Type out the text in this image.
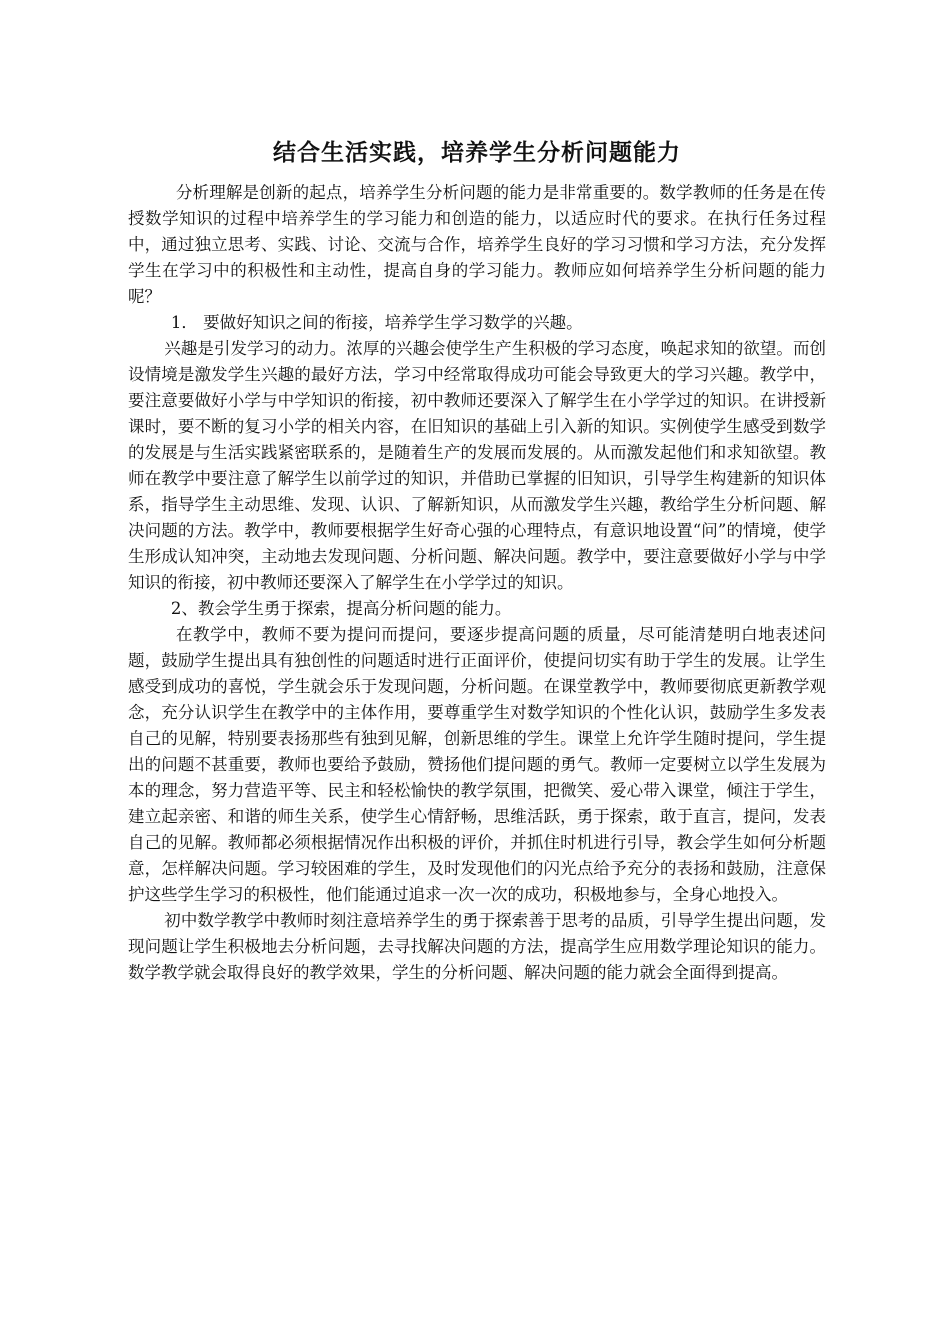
结合生活实践，培养学生分析问题能力

分析理解是创新的起点，培养学生分析问题的能力是非常重要的。数学教师的任务是在传授数学知识的过程中培养学生的学习能力和创造的能力，以适应时代的要求。在执行任务过程中，通过独立思考、实践、讨论、交流与合作，培养学生良好的学习习惯和学习方法，充分发挥学生在学习中的积极性和主动性，提高自身的学习能力。教师应如何培养学生分析问题的能力呢？

1． 要做好知识之间的衔接，培养学生学习数学的兴趣。

兴趣是引发学习的动力。浓厚的兴趣会使学生产生积极的学习态度，唤起求知的欲望。而创设情境是激发学生兴趣的最好方法，学习中经常取得成功可能会导致更大的学习兴趣。教学中，要注意要做好小学与中学知识的衔接，初中教师还要深入了解学生在小学学过的知识。在讲授新课时，要不断的复习小学的相关内容，在旧知识的基础上引入新的知识。实例使学生感受到数学的发展是与生活实践紧密联系的，是随着生产的发展而发展的。从而激发起他们和求知欲望。教师在教学中要注意了解学生以前学过的知识，并借助已掌握的旧知识，引导学生构建新的知识体系，指导学生主动思维、发现、认识、了解新知识，从而激发学生兴趣，教给学生分析问题、解决问题的方法。教学中，教师要根据学生好奇心强的心理特点，有意识地设置“问”的情境，使学生形成认知冲突，主动地去发现问题、分析问题、解决问题。教学中，要注意要做好小学与中学知识的衔接，初中教师还要深入了解学生在小学学过的知识。

2、教会学生勇于探索，提高分析问题的能力。

在教学中，教师不要为提问而提问，要逐步提高问题的质量，尽可能清楚明白地表述问题，鼓励学生提出具有独创性的问题适时进行正面评价，使提问切实有助于学生的发展。让学生感受到成功的喜悦，学生就会乐于发现问题，分析问题。在课堂教学中，教师要彻底更新教学观念，充分认识学生在教学中的主体作用，要尊重学生对数学知识的个性化认识，鼓励学生多发表自己的见解，特别要表扬那些有独到见解，创新思维的学生。课堂上允许学生随时提问，学生提出的问题不甚重要，教师也要给予鼓励，赞扬他们提问题的勇气。教师一定要树立以学生发展为本的理念，努力营造平等、民主和轻松愉快的教学氛围，把微笑、爱心带入课堂，倾注于学生，建立起亲密、和谐的师生关系，使学生心情舒畅，思维活跃，勇于探索，敢于直言，提问，发表自己的见解。教师都必须根据情况作出积极的评价，并抓住时机进行引导，教会学生如何分析题意，怎样解决问题。学习较困难的学生，及时发现他们的闪光点给予充分的表扬和鼓励，注意保护这些学生学习的积极性，他们能通过追求一次一次的成功，积极地参与，全身心地投入。

初中数学教学中教师时刻注意培养学生的勇于探索善于思考的品质，引导学生提出问题，发现问题让学生积极地去分析问题，去寻找解决问题的方法，提高学生应用数学理论知识的能力。数学教学就会取得良好的教学效果，学生的分析问题、解决问题的能力就会全面得到提高。
